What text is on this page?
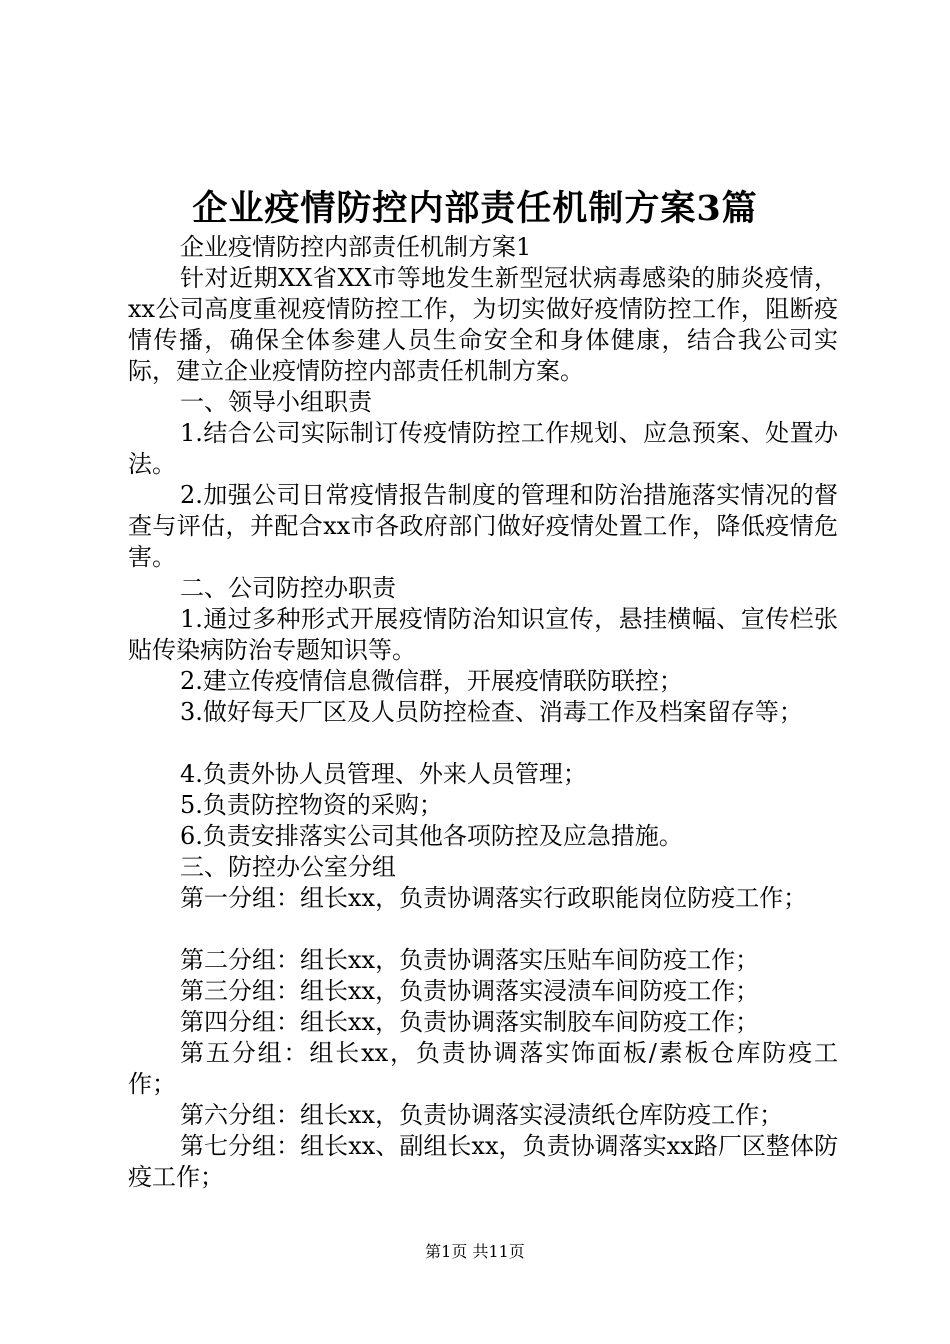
企业疫情防控内部责任机制方案3篇

企业疫情防控内部责任机制方案1

针对近期XX省XX市等地发生新型冠状病毒感染的肺炎疫情，xx公司高度重视疫情防控工作，为切实做好疫情防控工作，阻断疫情传播，确保全体参建人员生命安全和身体健康，结合我公司实际，建立企业疫情防控内部责任机制方案。

一、领导小组职责

1.结合公司实际制订传疫情防控工作规划、应急预案、处置办法。

2.加强公司日常疫情报告制度的管理和防治措施落实情况的督查与评估，并配合xx市各政府部门做好疫情处置工作，降低疫情危害。

二、公司防控办职责

1.通过多种形式开展疫情防治知识宣传，悬挂横幅、宣传栏张贴传染病防治专题知识等。

2.建立传疫情信息微信群，开展疫情联防联控；

3.做好每天厂区及人员防控检查、消毒工作及档案留存等；

4.负责外协人员管理、外来人员管理；

5.负责防控物资的采购；

6.负责安排落实公司其他各项防控及应急措施。

三、防控办公室分组

第一分组：组长xx，负责协调落实行政职能岗位防疫工作；

第二分组：组长xx，负责协调落实压贴车间防疫工作；

第三分组：组长xx，负责协调落实浸渍车间防疫工作；

第四分组：组长xx，负责协调落实制胶车间防疫工作；

第五分组：组长xx，负责协调落实饰面板/素板仓库防疫工作；

第六分组：组长xx，负责协调落实浸渍纸仓库防疫工作；

第七分组：组长xx、副组长xx，负责协调落实xx路厂区整体防疫工作；

第1页 共11页
